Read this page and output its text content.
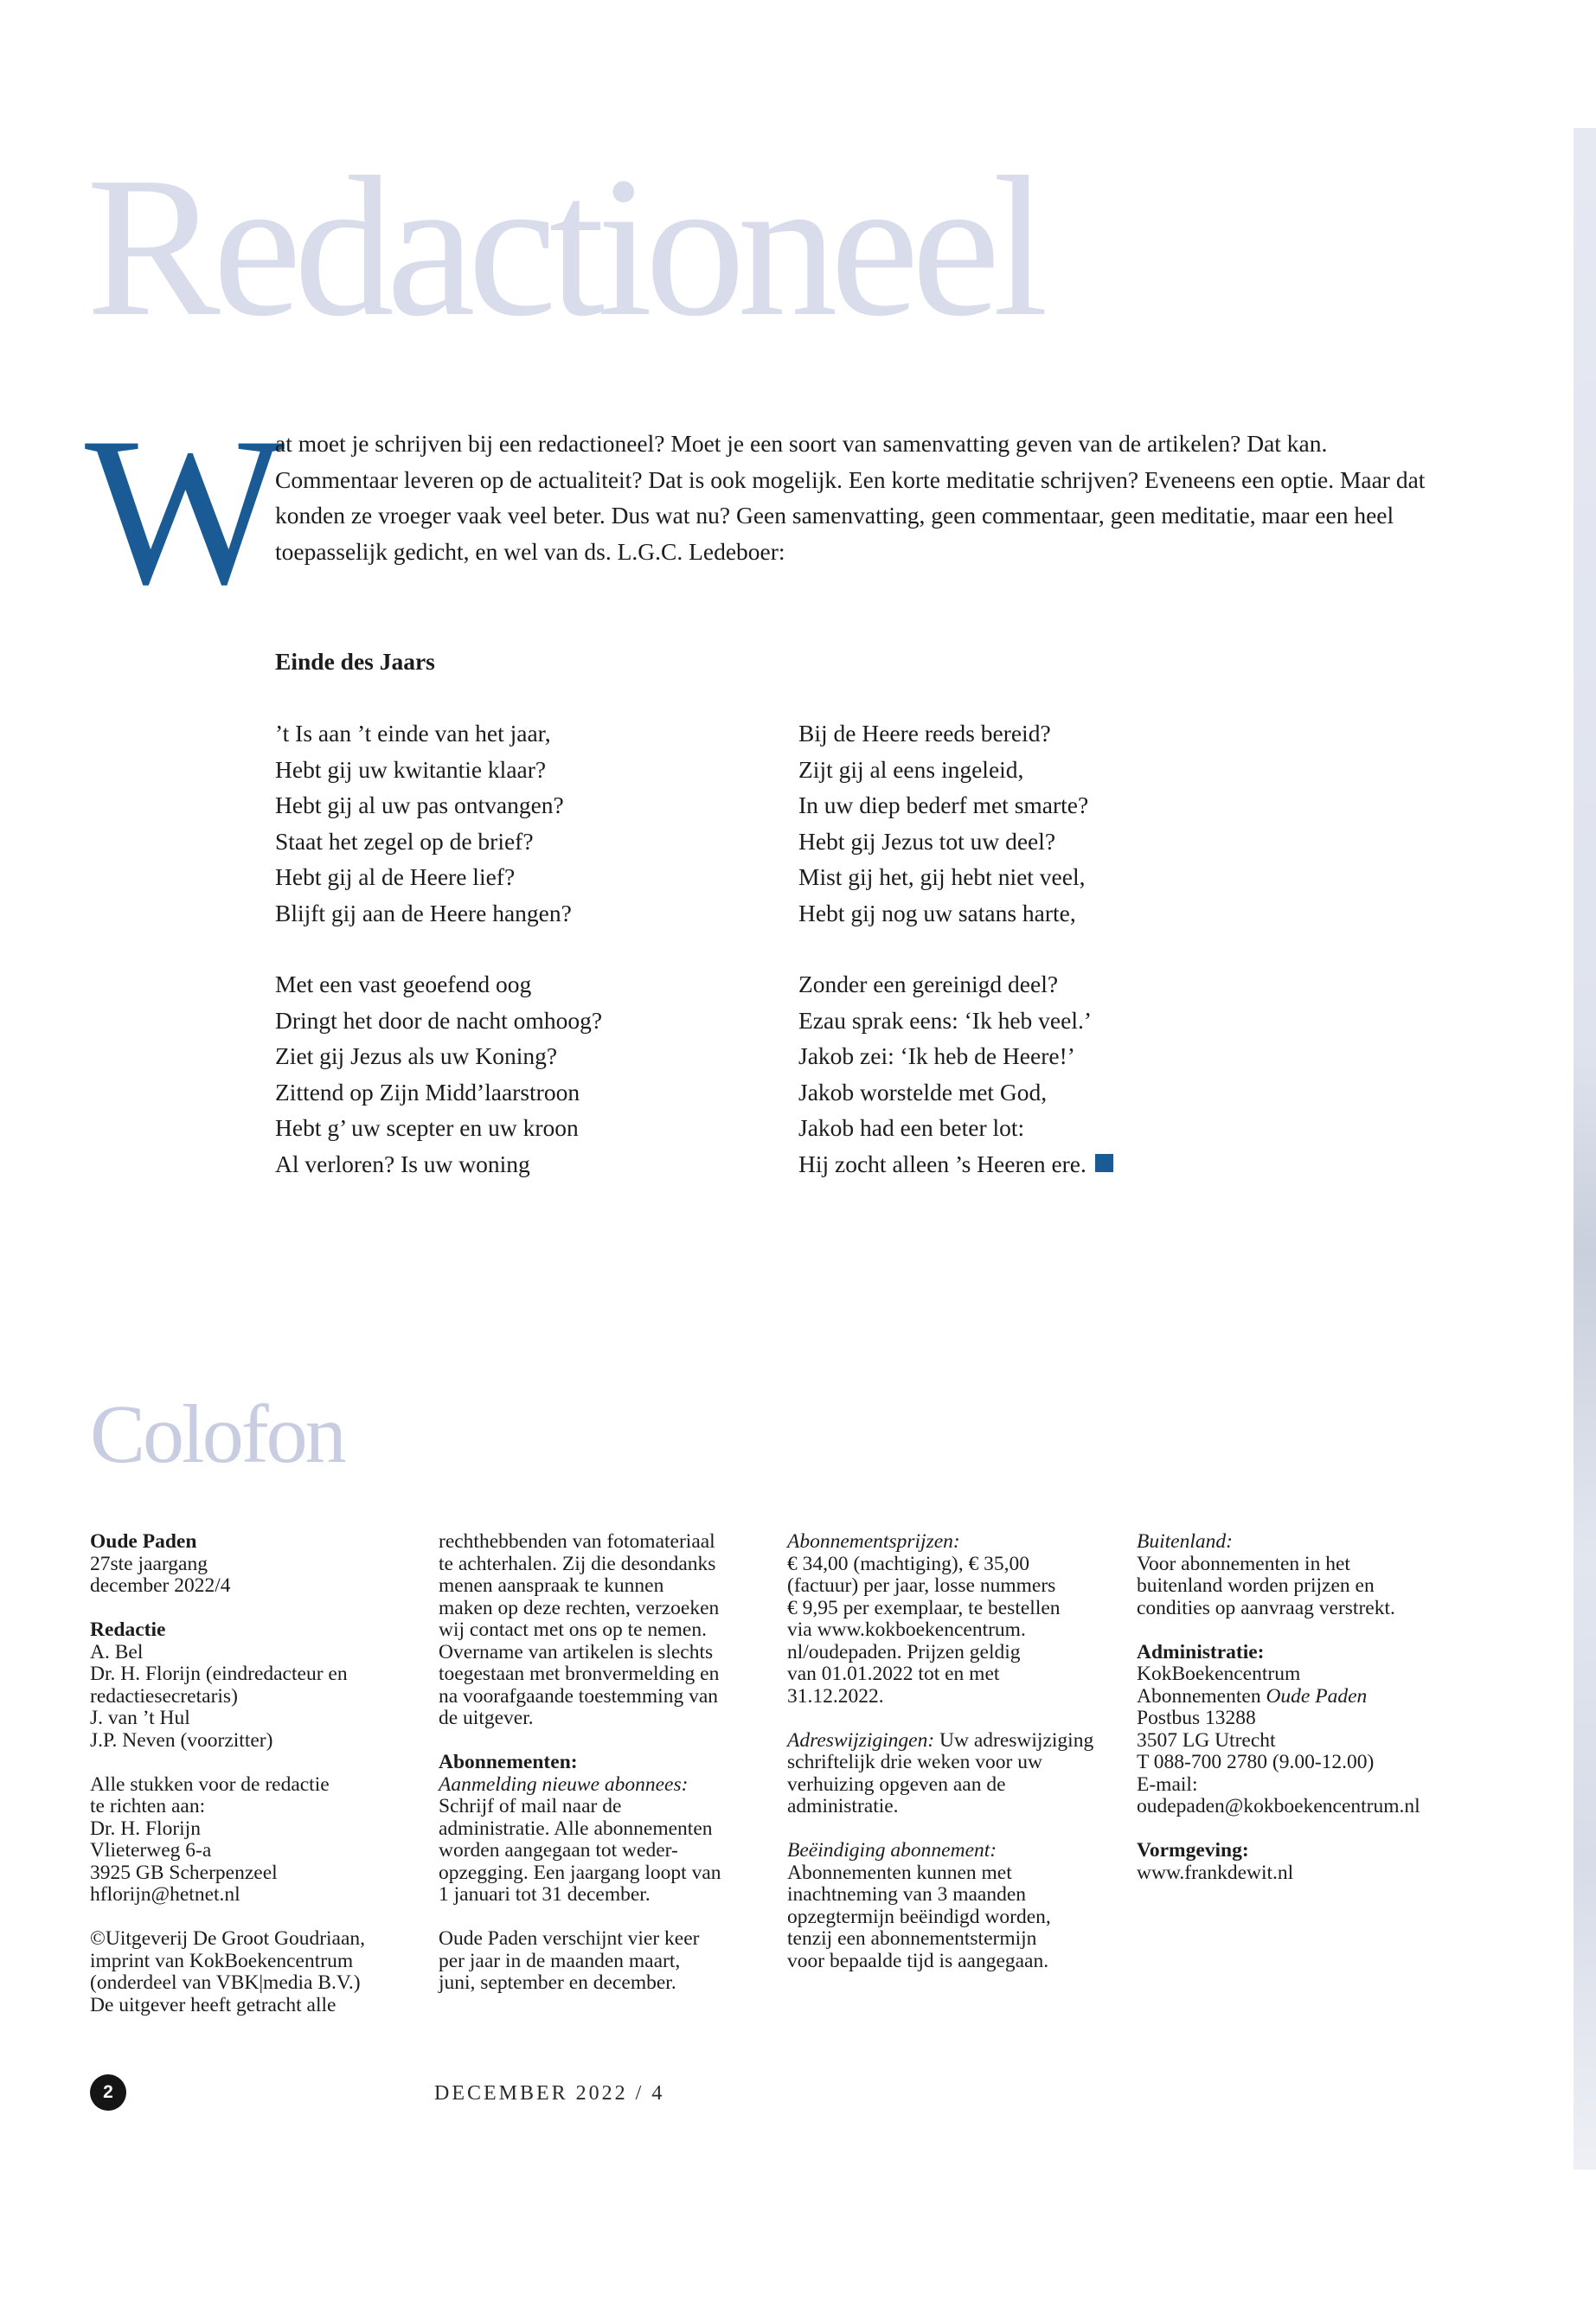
Redactioneel
W

at moet je schrijven bij een redactioneel? Moet je een soort van samenvatting geven van de artikelen? Dat kan. Commentaar leveren op de actualiteit? Dat is ook mogelijk. Een korte meditatie schrijven? Eveneens een optie. Maar dat konden ze vroeger vaak veel beter. Dus wat nu? Geen samenvatting, geen commentaar, geen meditatie, maar een heel toepasselijk gedicht, en wel van ds. L.G.C. Ledeboer:

Einde des Jaars
’t Is aan ’t einde van het jaar,
Hebt gij uw kwitantie klaar?
Hebt gij al uw pas ontvangen?
Staat het zegel op de brief?
Hebt gij al de Heere lief?
Blijft gij aan de Heere hangen?
Bij de Heere reeds bereid?
Zijt gij al eens ingeleid,
In uw diep bederf met smarte?
Hebt gij Jezus tot uw deel?
Mist gij het, gij hebt niet veel,
Hebt gij nog uw satans harte,
Met een vast geoefend oog
Dringt het door de nacht omhoog?
Ziet gij Jezus als uw Koning?
Zittend op Zijn Midd’laarstroon
Hebt g’ uw scepter en uw kroon
Al verloren? Is uw woning
Zonder een gereinigd deel?
Ezau sprak eens: ‘Ik heb veel.’
Jakob zei: ‘Ik heb de Heere!’
Jakob worstelde met God,
Jakob had een beter lot:
Hij zocht alleen ’s Heeren ere.
Colofon

Oude Paden
27ste jaargang
december 2022/4

Redactie
A. Bel
Dr. H. Florijn (eindredacteur en
redactiesecretaris)
J. van ’t Hul
J.P. Neven (voorzitter)

Alle stukken voor de redactie
te richten aan:
Dr. H. Florijn
Vlieterweg 6-a
3925 GB Scherpenzeel
hflorijn@hetnet.nl

©Uitgeverij De Groot Goudriaan,
imprint van KokBoekencentrum
(onderdeel van VBK|media B.V.)
De uitgever heeft getracht alle

rechthebbenden van fotomateriaal
te achterhalen. Zij die desondanks
menen aanspraak te kunnen
maken op deze rechten, verzoeken
wij contact met ons op te nemen.
Overname van artikelen is slechts
toegestaan met bronvermelding en
na voorafgaande toestemming van
de uitgever.

Abonnementen:
Aanmelding nieuwe abonnees:
Schrijf of mail naar de
administratie. Alle abonnementen
worden aangegaan tot weder-
opzegging. Een jaargang loopt van
1 januari tot 31 december.

Oude Paden verschijnt vier keer
per jaar in de maanden maart,
juni, september en december.

Abonnementsprijzen:
€ 34,00 (machtiging), € 35,00
(factuur) per jaar, losse nummers
€ 9,95 per exemplaar, te bestellen
via www.kokboekencentrum.
nl/oudepaden. Prijzen geldig
van 01.01.2022 tot en met
31.12.2022.

Adreswijzigingen: Uw adreswijziging
schriftelijk drie weken voor uw
verhuizing opgeven aan de
administratie.

Beëindiging abonnement:
Abonnementen kunnen met
inachtneming van 3 maanden
opzegtermijn beëindigd worden,
tenzij een abonnementstermijn
voor bepaalde tijd is aangegaan.

Buitenland:
Voor abonnementen in het
buitenland worden prijzen en
condities op aanvraag verstrekt.

Administratie:
KokBoekencentrum
Abonnementen Oude Paden
Postbus 13288
3507 LG Utrecht
T 088-700 2780 (9.00-12.00)
E-mail:
oudepaden@kokboekencentrum.nl

Vormgeving:
www.frankdewit.nl

2	DECEMBER 2022 / 4
